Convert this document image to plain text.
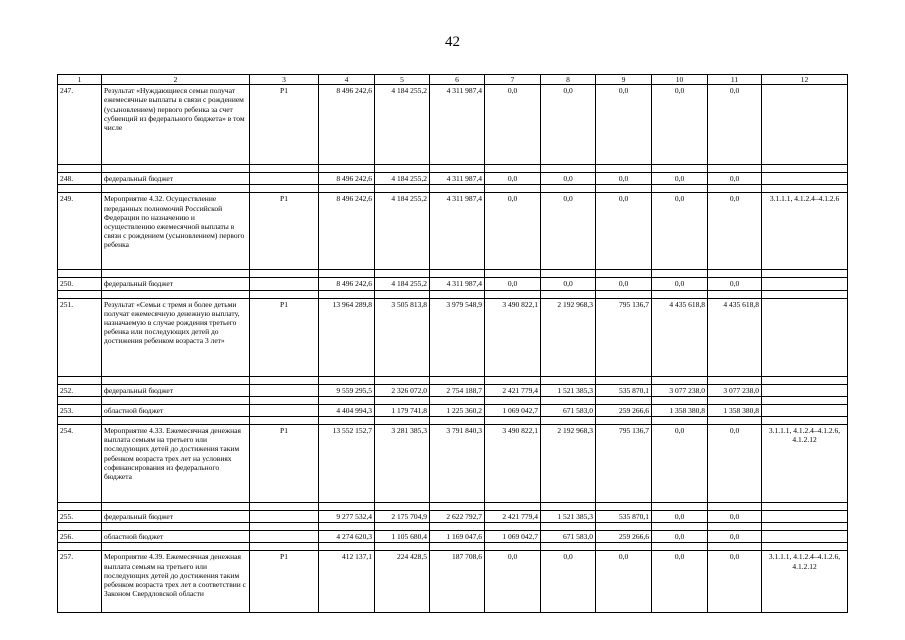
42
1	2	3	4	5	6	7	8	9	10	11	12
247.	Результат «Нуждающиеся семьи получат ежемесячные выплаты в связи с рождением (усыновлением) первого ребенка за счет субвенций из федерального бюджета» в том числе	Р1	8 496 242,6	4 184 255,2	4 311 987,4	0,0	0,0	0,0	0,0	0,0	

248.	федеральный бюджет		8 496 242,6	4 184 255,2	4 311 987,4	0,0	0,0	0,0	0,0	0,0	

249.	Мероприятие 4.32. Осуществление переданных полномочий Российской Федерации по назначению и осуществлению ежемесячной выплаты в связи с рождением (усыновлением) первого ребенка	Р1	8 496 242,6	4 184 255,2	4 311 987,4	0,0	0,0	0,0	0,0	0,0	3.1.1.1, 4.1.2.4–4.1.2.6

250.	федеральный бюджет		8 496 242,6	4 184 255,2	4 311 987,4	0,0	0,0	0,0	0,0	0,0	

251.	Результат «Семьи с тремя и более детьми получат ежемесячную денежную выплату, назначаемую в случае рождения третьего ребенка или последующих детей до достижения ребенком возраста 3 лет»	Р1	13 964 289,8	3 505 813,8	3 979 548,9	3 490 822,1	2 192 968,3	795 136,7	4 435 618,8	4 435 618,8	

252.	федеральный бюджет		9 559 295,5	2 326 072,0	2 754 188,7	2 421 779,4	1 521 385,3	535 870,1	3 077 238,0	3 077 238,0	

253.	областной бюджет		4 404 994,3	1 179 741,8	1 225 360,2	1 069 042,7	671 583,0	259 266,6	1 358 380,8	1 358 380,8	

254.	Мероприятие 4.33. Ежемесячная денежная выплата семьям на третьего или последующих детей до достижения таким ребенком возраста трех лет на условиях софинансирования из федерального бюджета	Р1	13 552 152,7	3 281 385,3	3 791 840,3	3 490 822,1	2 192 968,3	795 136,7	0,0	0,0	3.1.1.1, 4.1.2.4–4.1.2.6, 4.1.2.12

255.	федеральный бюджет		9 277 532,4	2 175 704,9	2 622 792,7	2 421 779,4	1 521 385,3	535 870,1	0,0	0,0	

256.	областной бюджет		4 274 620,3	1 105 680,4	1 169 047,6	1 069 042,7	671 583,0	259 266,6	0,0	0,0	

257.	Мероприятие 4.39. Ежемесячная денежная выплата семьям на третьего или последующих детей до достижения таким ребенком возраста трех лет в соответствии с Законом Свердловской области	Р1	412 137,1	224 428,5	187 708,6	0,0	0,0	0,0	0,0	0,0	3.1.1.1, 4.1.2.4–4.1.2.6, 4.1.2.12
